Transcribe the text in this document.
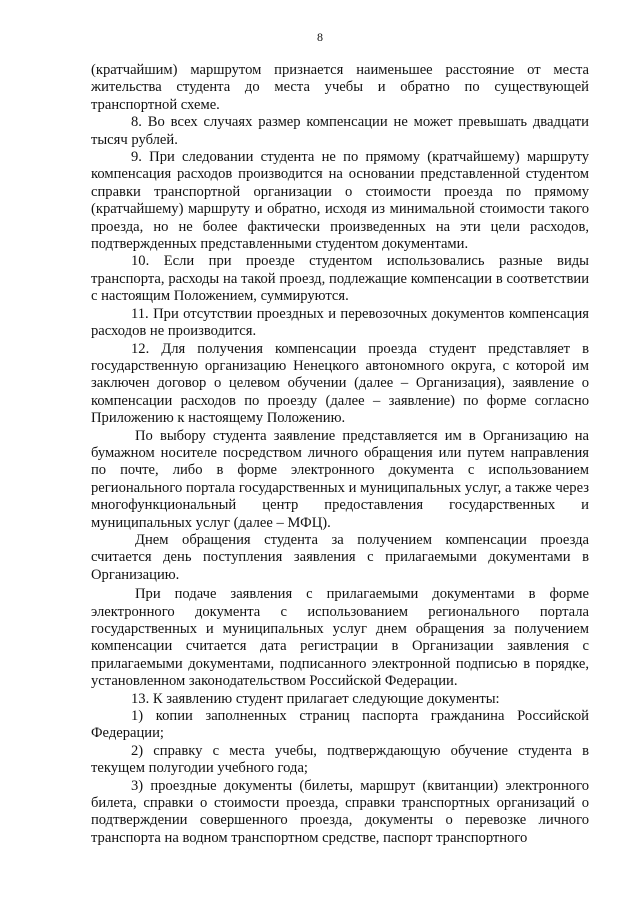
8

(кратчайшим) маршрутом признается наименьшее расстояние от места жительства студента до места учебы и обратно по существующей транспортной схеме.

8. Во всех случаях размер компенсации не может превышать двадцати тысяч рублей.

9. При следовании студента не по прямому (кратчайшему) маршруту компенсация расходов производится на основании представленной студентом справки транспортной организации о стоимости проезда по прямому (кратчайшему) маршруту и обратно, исходя из минимальной стоимости такого проезда, но не более фактически произведенных на эти цели расходов, подтвержденных представленными студентом документами.

10. Если при проезде студентом использовались разные виды транспорта, расходы на такой проезд, подлежащие компенсации в соответствии с настоящим Положением, суммируются.

11. При отсутствии проездных и перевозочных документов компенсация расходов не производится.

12. Для получения компенсации проезда студент представляет в государственную организацию Ненецкого автономного округа, с которой им заключен договор о целевом обучении (далее – Организация), заявление о компенсации расходов по проезду (далее – заявление) по форме согласно Приложению к настоящему Положению.

По выбору студента заявление представляется им в Организацию на бумажном носителе посредством личного обращения или путем направления по почте, либо в форме электронного документа с использованием регионального портала государственных и муниципальных услуг, а также через многофункциональный центр предоставления государственных и муниципальных услуг (далее – МФЦ).

Днем обращения студента за получением компенсации проезда считается день поступления заявления с прилагаемыми документами в Организацию.

При подаче заявления с прилагаемыми документами в форме электронного документа с использованием регионального портала государственных и муниципальных услуг днем обращения за получением компенсации считается дата регистрации в Организации заявления с прилагаемыми документами, подписанного электронной подписью в порядке, установленном законодательством Российской Федерации.

13. К заявлению студент прилагает следующие документы:

1) копии заполненных страниц паспорта гражданина Российской Федерации;

2) справку с места учебы, подтверждающую обучение студента в текущем полугодии учебного года;

3) проездные документы (билеты, маршрут (квитанции) электронного билета, справки о стоимости проезда, справки транспортных организаций о подтверждении совершенного проезда, документы о перевозке личного транспорта на водном транспортном средстве, паспорт транспортного
